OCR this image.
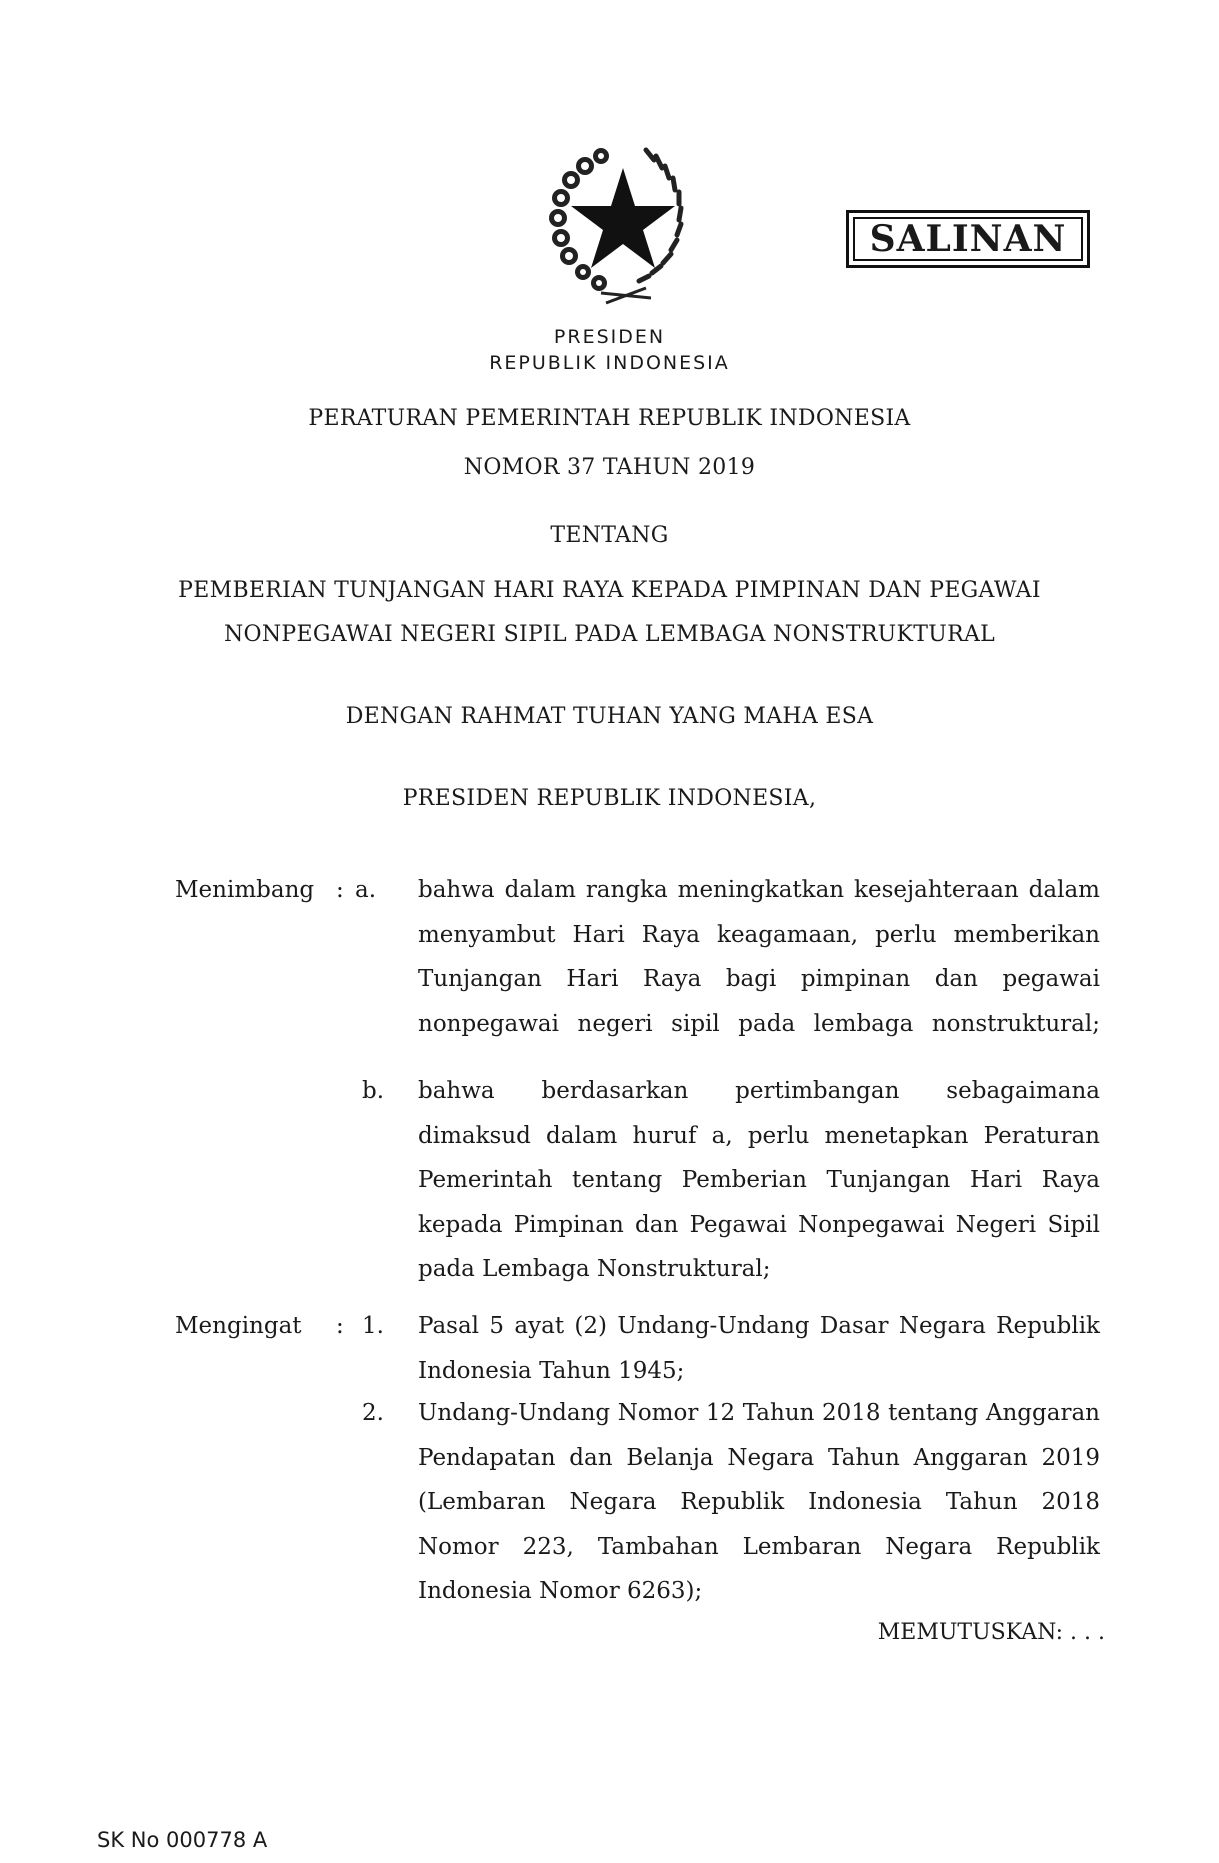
SALINAN
PRESIDEN
REPUBLIK INDONESIA
PERATURAN PEMERINTAH REPUBLIK INDONESIA
NOMOR 37 TAHUN 2019
TENTANG
PEMBERIAN TUNJANGAN HARI RAYA KEPADA PIMPINAN DAN PEGAWAI
NONPEGAWAI NEGERI SIPIL PADA LEMBAGA NONSTRUKTURAL
DENGAN RAHMAT TUHAN YANG MAHA ESA
PRESIDEN REPUBLIK INDONESIA,
Menimbang : a. bahwa dalam rangka meningkatkan kesejahteraan dalam menyambut Hari Raya keagamaan, perlu memberikan Tunjangan Hari Raya bagi pimpinan dan pegawai nonpegawai negeri sipil pada lembaga nonstruktural;

b. bahwa berdasarkan pertimbangan sebagaimana dimaksud dalam huruf a, perlu menetapkan Peraturan Pemerintah tentang Pemberian Tunjangan Hari Raya kepada Pimpinan dan Pegawai Nonpegawai Negeri Sipil pada Lembaga Nonstruktural;

Mengingat : 1. Pasal 5 ayat (2) Undang-Undang Dasar Negara Republik Indonesia Tahun 1945;

2. Undang-Undang Nomor 12 Tahun 2018 tentang Anggaran Pendapatan dan Belanja Negara Tahun Anggaran 2019 (Lembaran Negara Republik Indonesia Tahun 2018 Nomor 223, Tambahan Lembaran Negara Republik Indonesia Nomor 6263);

MEMUTUSKAN: . . .
SK No 000778 A
